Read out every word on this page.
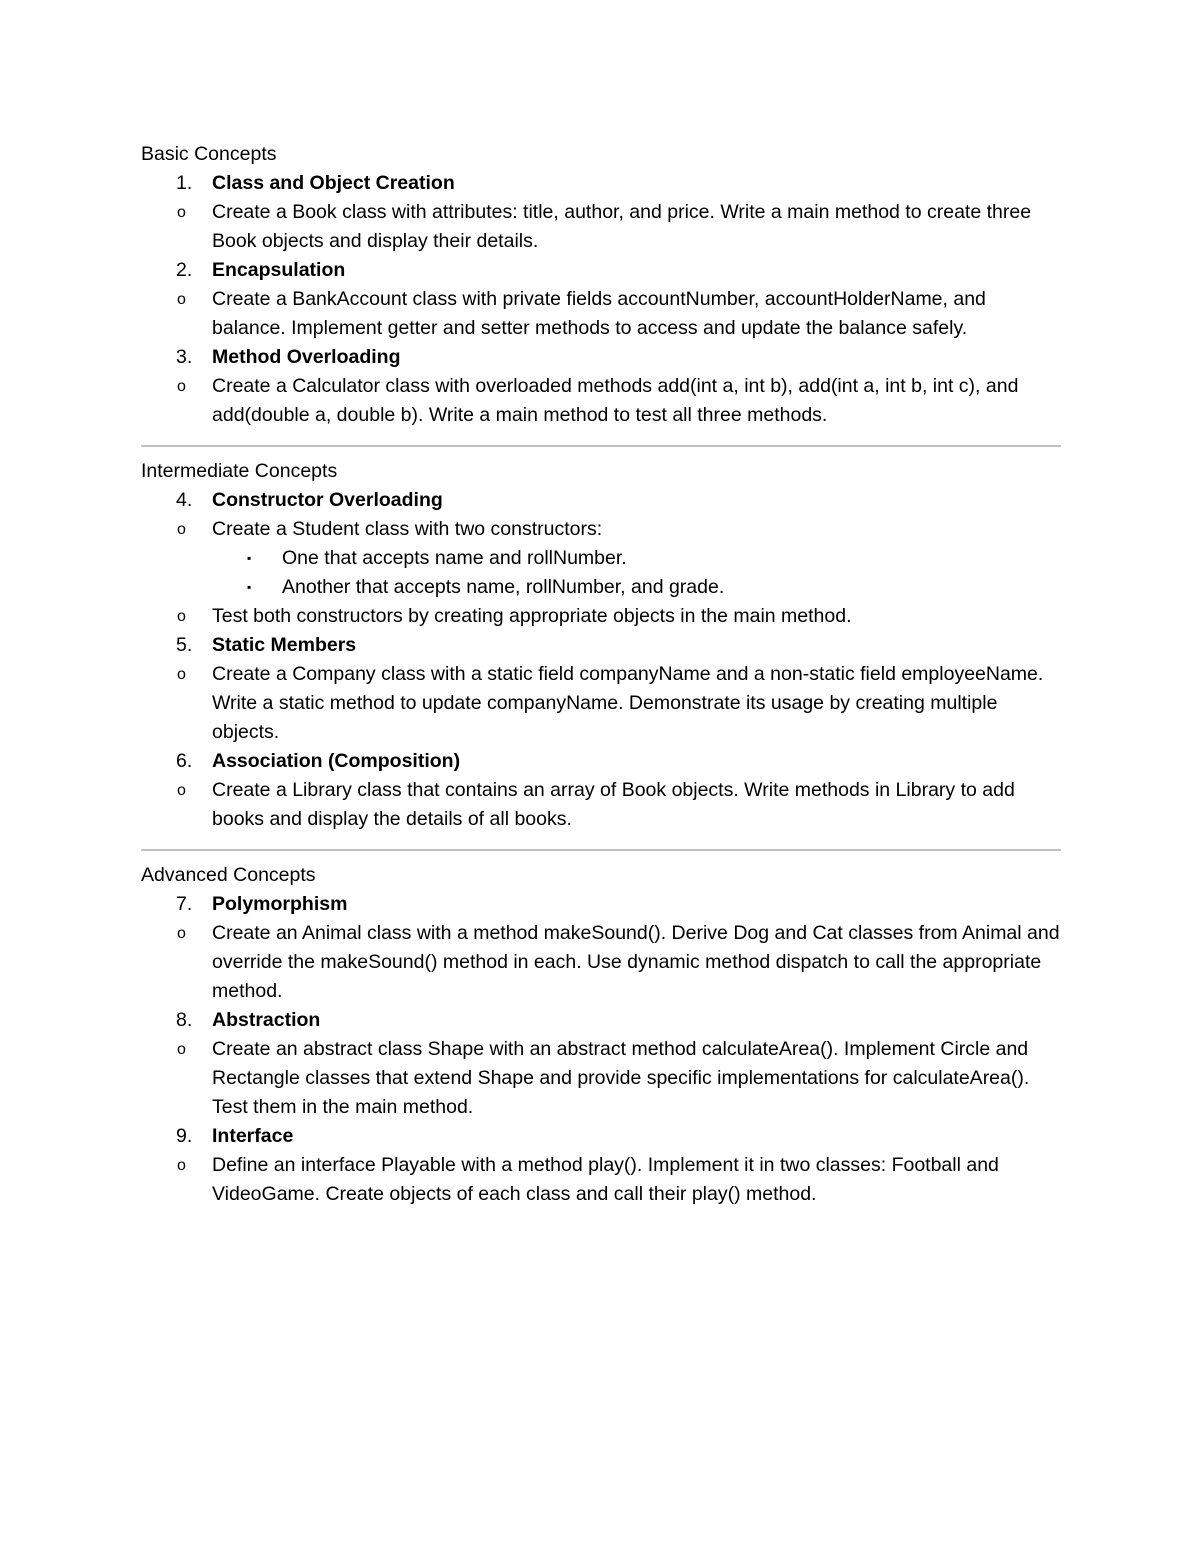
Basic Concepts
1. Class and Object Creation
o Create a Book class with attributes: title, author, and price. Write a main method to create three Book objects and display their details.
2. Encapsulation
o Create a BankAccount class with private fields accountNumber, accountHolderName, and balance. Implement getter and setter methods to access and update the balance safely.
3. Method Overloading
o Create a Calculator class with overloaded methods add(int a, int b), add(int a, int b, int c), and add(double a, double b). Write a main method to test all three methods.
Intermediate Concepts
4. Constructor Overloading
o Create a Student class with two constructors:
▪ One that accepts name and rollNumber.
▪ Another that accepts name, rollNumber, and grade.
o Test both constructors by creating appropriate objects in the main method.
5. Static Members
o Create a Company class with a static field companyName and a non-static field employeeName. Write a static method to update companyName. Demonstrate its usage by creating multiple objects.
6. Association (Composition)
o Create a Library class that contains an array of Book objects. Write methods in Library to add books and display the details of all books.
Advanced Concepts
7. Polymorphism
o Create an Animal class with a method makeSound(). Derive Dog and Cat classes from Animal and override the makeSound() method in each. Use dynamic method dispatch to call the appropriate method.
8. Abstraction
o Create an abstract class Shape with an abstract method calculateArea(). Implement Circle and Rectangle classes that extend Shape and provide specific implementations for calculateArea(). Test them in the main method.
9. Interface
o Define an interface Playable with a method play(). Implement it in two classes: Football and VideoGame. Create objects of each class and call their play() method.
